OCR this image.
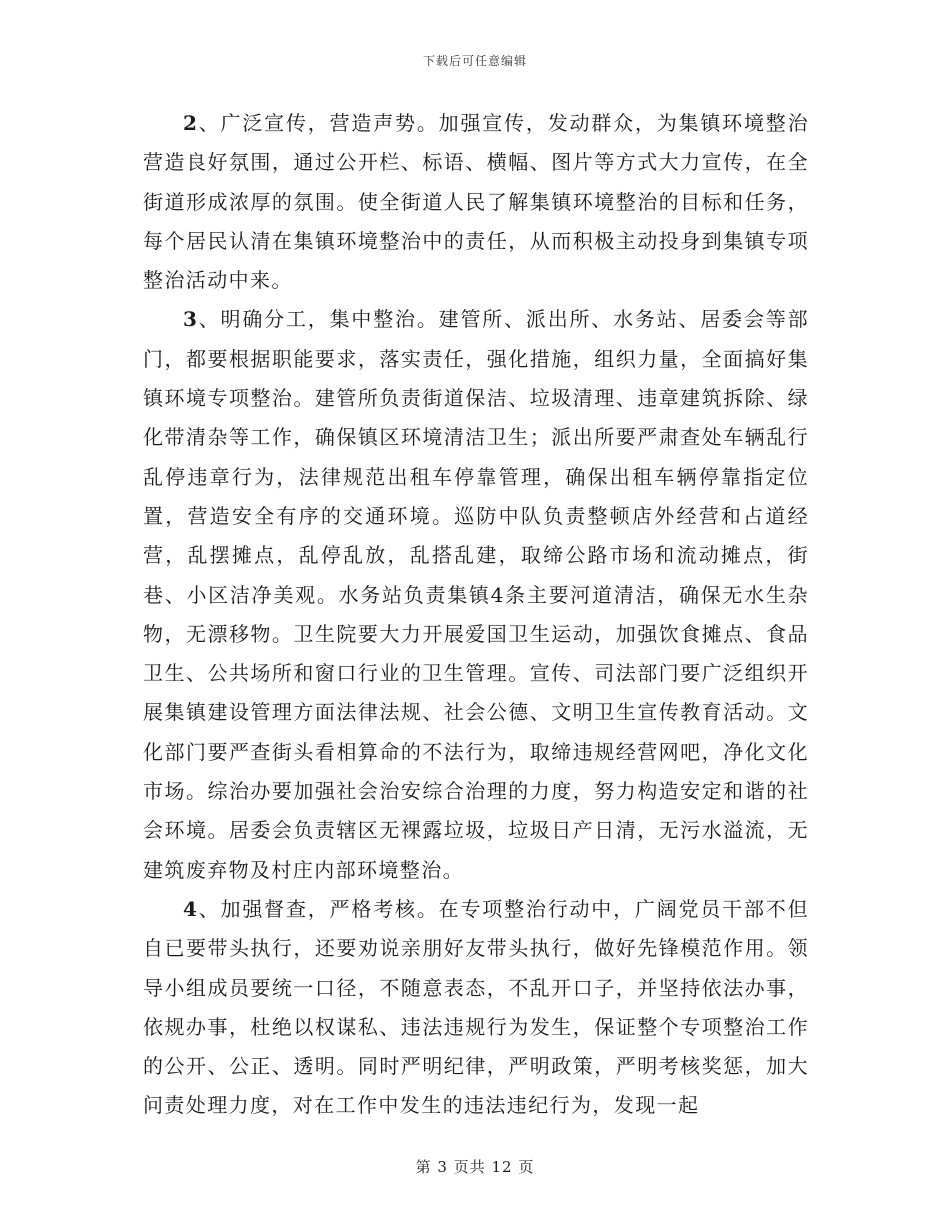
下载后可任意编辑

2、广泛宣传，营造声势。加强宣传，发动群众，为集镇环境整治营造良好氛围，通过公开栏、标语、横幅、图片等方式大力宣传，在全街道形成浓厚的氛围。使全街道人民了解集镇环境整治的目标和任务，每个居民认清在集镇环境整治中的责任，从而积极主动投身到集镇专项整治活动中来。

3、明确分工，集中整治。建管所、派出所、水务站、居委会等部门，都要根据职能要求，落实责任，强化措施，组织力量，全面搞好集镇环境专项整治。建管所负责街道保洁、垃圾清理、违章建筑拆除、绿化带清杂等工作，确保镇区环境清洁卫生；派出所要严肃查处车辆乱行乱停违章行为，法律规范出租车停靠管理，确保出租车辆停靠指定位置，营造安全有序的交通环境。巡防中队负责整顿店外经营和占道经营，乱摆摊点，乱停乱放，乱搭乱建，取缔公路市场和流动摊点，街巷、小区洁净美观。水务站负责集镇4条主要河道清洁，确保无水生杂物，无漂移物。卫生院要大力开展爱国卫生运动，加强饮食摊点、食品卫生、公共场所和窗口行业的卫生管理。宣传、司法部门要广泛组织开展集镇建设管理方面法律法规、社会公德、文明卫生宣传教育活动。文化部门要严查街头看相算命的不法行为，取缔违规经营网吧，净化文化市场。综治办要加强社会治安综合治理的力度，努力构造安定和谐的社会环境。居委会负责辖区无裸露垃圾，垃圾日产日清，无污水溢流，无建筑废弃物及村庄内部环境整治。

4、加强督查，严格考核。在专项整治行动中，广阔党员干部不但自已要带头执行，还要劝说亲朋好友带头执行，做好先锋模范作用。领导小组成员要统一口径，不随意表态，不乱开口子，并坚持依法办事，依规办事，杜绝以权谋私、违法违规行为发生，保证整个专项整治工作的公开、公正、透明。同时严明纪律，严明政策，严明考核奖惩，加大问责处理力度，对在工作中发生的违法违纪行为，发现一起

第 3 页共 12 页
